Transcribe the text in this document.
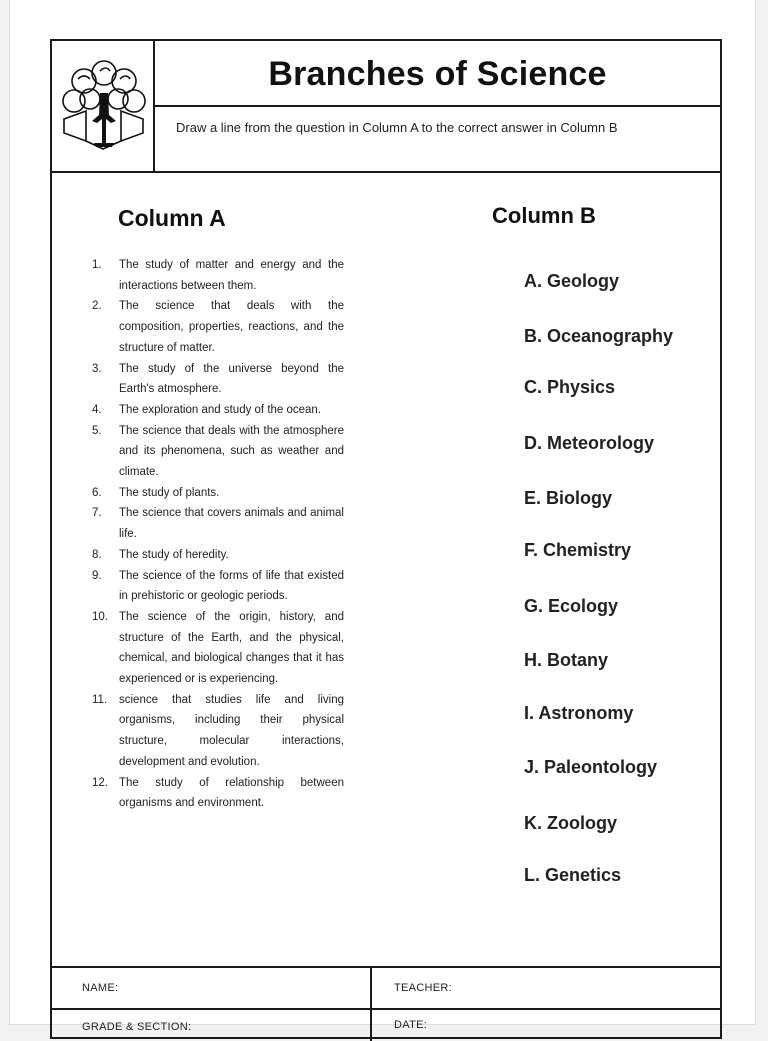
Branches of Science
Draw a line from the question in Column A to the correct answer in Column B
Column A	Column B
1.	The study of matter and energy and the interactions between them.
2.	The science that deals with the composition, properties, reactions, and the structure of matter.
3.	The study of the universe beyond the Earth's atmosphere.
4.	The exploration and study of the ocean.
5.	The science that deals with the atmosphere and its phenomena, such as weather and climate.
6.	The study of plants.
7.	The science that covers animals and animal life.
8.	The study of heredity.
9.	The science of the forms of life that existed in prehistoric or geologic periods.
10. The science of the origin, history, and structure of the Earth, and the physical, chemical, and biological changes that it has experienced or is experiencing.
11.	science that studies life and living organisms, including their physical structure, molecular interactions, development and evolution.
12. The study of relationship between organisms and environment.
A. Geology
B. Oceanography
C. Physics
D. Meteorology
E. Biology
F. Chemistry
G. Ecology
H. Botany
I. Astronomy
J. Paleontology
K. Zoology
L. Genetics
NAME:	TEACHER:
GRADE & SECTION:	DATE:
